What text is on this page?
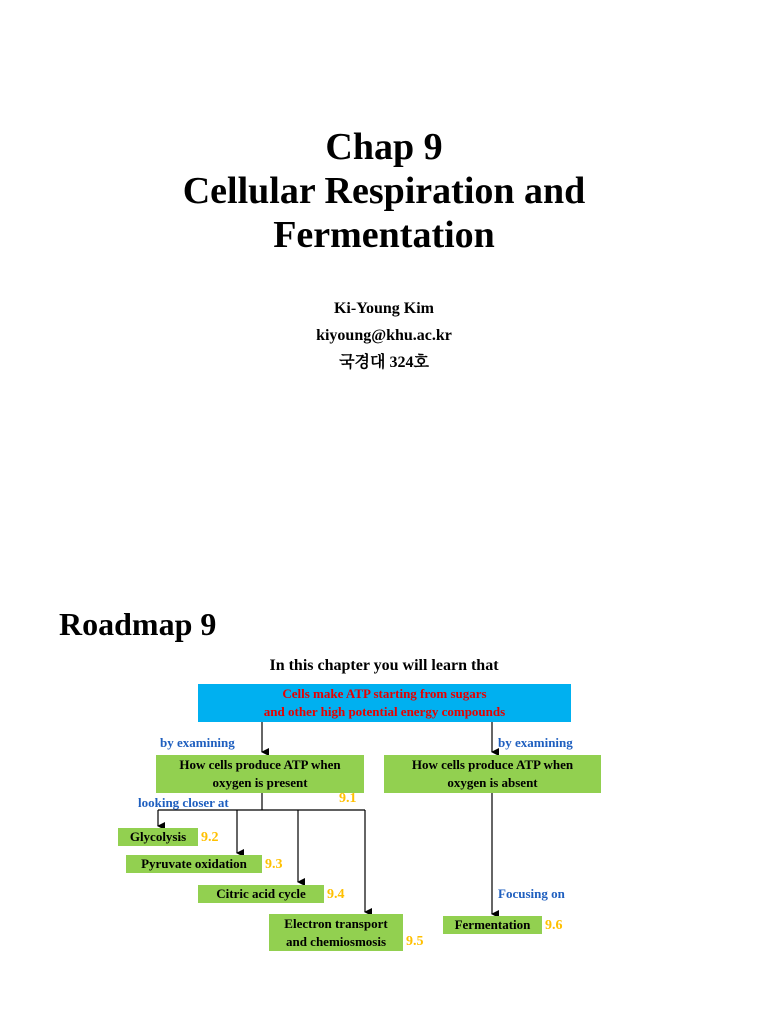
Chap 9
Cellular Respiration and
Fermentation
Ki-Young Kim
kiyoung@khu.ac.kr
국경대 324호
Roadmap 9
In this chapter you will learn that
Cells make ATP starting from sugars
and other high potential energy compounds
by examining	by examining
How cells produce ATP when
oxygen is present
How cells produce ATP when
oxygen is absent
9.1
looking closer at
Glycolysis	9.2
Pyruvate oxidation	9.3
Citric acid cycle	9.4
Electron transport
and chemiosmosis	9.5
Focusing on
Fermentation	9.6
